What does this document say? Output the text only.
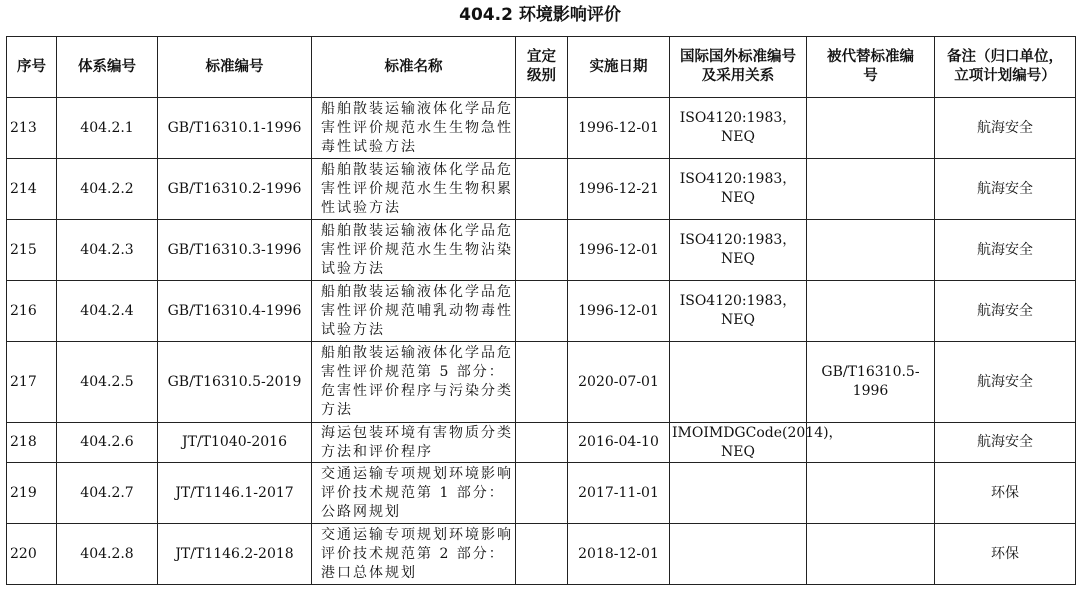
404.2 环境影响评价
序号	体系编号	标准编号	标准名称	宜定级别	实施日期	国际国外标准编号及采用关系	被代替标准编号	备注（归口单位，立项计划编号）
213	404.2.1	GB/T16310.1-1996	船舶散装运输液体化学品危害性评价规范水生生物急性毒性试验方法		1996-12-01	ISO4120:1983，NEQ		航海安全
214	404.2.2	GB/T16310.2-1996	船舶散装运输液体化学品危害性评价规范水生生物积累性试验方法		1996-12-21	ISO4120:1983，NEQ		航海安全
215	404.2.3	GB/T16310.3-1996	船舶散装运输液体化学品危害性评价规范水生生物沾染试验方法		1996-12-01	ISO4120:1983，NEQ		航海安全
216	404.2.4	GB/T16310.4-1996	船舶散装运输液体化学品危害性评价规范哺乳动物毒性试验方法		1996-12-01	ISO4120:1983，NEQ		航海安全
217	404.2.5	GB/T16310.5-2019	船舶散装运输液体化学品危害性评价规范第 5 部分：危害性评价程序与污染分类方法		2020-07-01		GB/T16310.5-1996	航海安全
218	404.2.6	JT/T1040-2016	海运包装环境有害物质分类方法和评价程序		2016-04-10	IMOIMDGCode(2014)，NEQ		航海安全
219	404.2.7	JT/T1146.1-2017	交通运输专项规划环境影响评价技术规范第 1 部分：公路网规划		2017-11-01			环保
220	404.2.8	JT/T1146.2-2018	交通运输专项规划环境影响评价技术规范第 2 部分：港口总体规划		2018-12-01			环保
